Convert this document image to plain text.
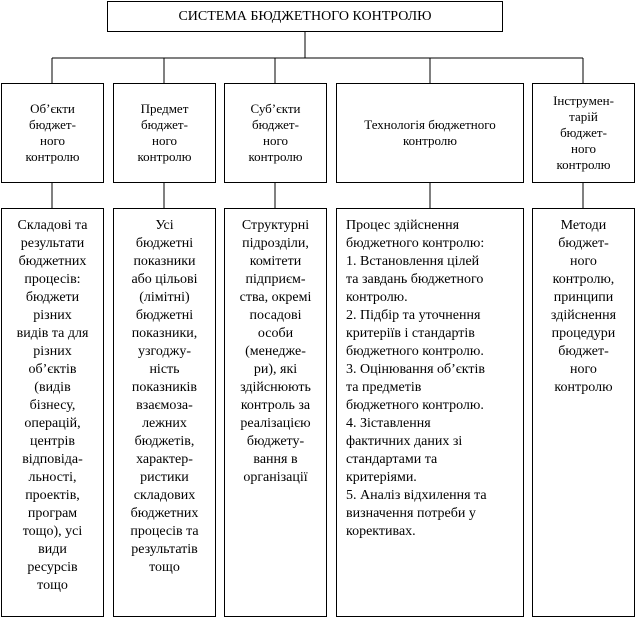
СИСТЕМА БЮДЖЕТНОГО КОНТРОЛЮ
Об’єкти
бюджет-
ного
контролю
Предмет
бюджет-
ного
контролю
Суб’єкти
бюджет-
ного
контролю
Технологія бюджетного
контролю
Інструмен-
тарій
бюджет-
ного
контролю
Складові та
результати
бюджетних
процесів:
бюджети
різних
видів та для
різних
об’єктів
(видів
бізнесу,
операцій,
центрів
відповіда-
льності,
проектів,
програм
тощо), усі
види
ресурсів
тощо
Усі
бюджетні
показники
або цільові
(лімітні)
бюджетні
показники,
узгоджу-
ність
показників
взаємоза-
лежних
бюджетів,
характер-
ристики
складових
бюджетних
процесів та
результатів
тощо
Структурні
підрозділи,
комітети
підприєм-
ства, окремі
посадові
особи
(менедже-
ри), які
здійснюють
контроль за
реалізацією
бюджету-
вання в
організації
Процес здійснення
бюджетного контролю:
1. Встановлення цілей
та завдань бюджетного
контролю.
2. Підбір та уточнення
критеріїв і стандартів
бюджетного контролю.
3. Оцінювання об’єктів
та предметів
бюджетного контролю.
4. Зіставлення
фактичних даних зі
стандартами та
критеріями.
5. Аналіз відхилення та
визначення потреби у
корективах.
Методи
бюджет-
ного
контролю,
принципи
здійснення
процедури
бюджет-
ного
контролю
